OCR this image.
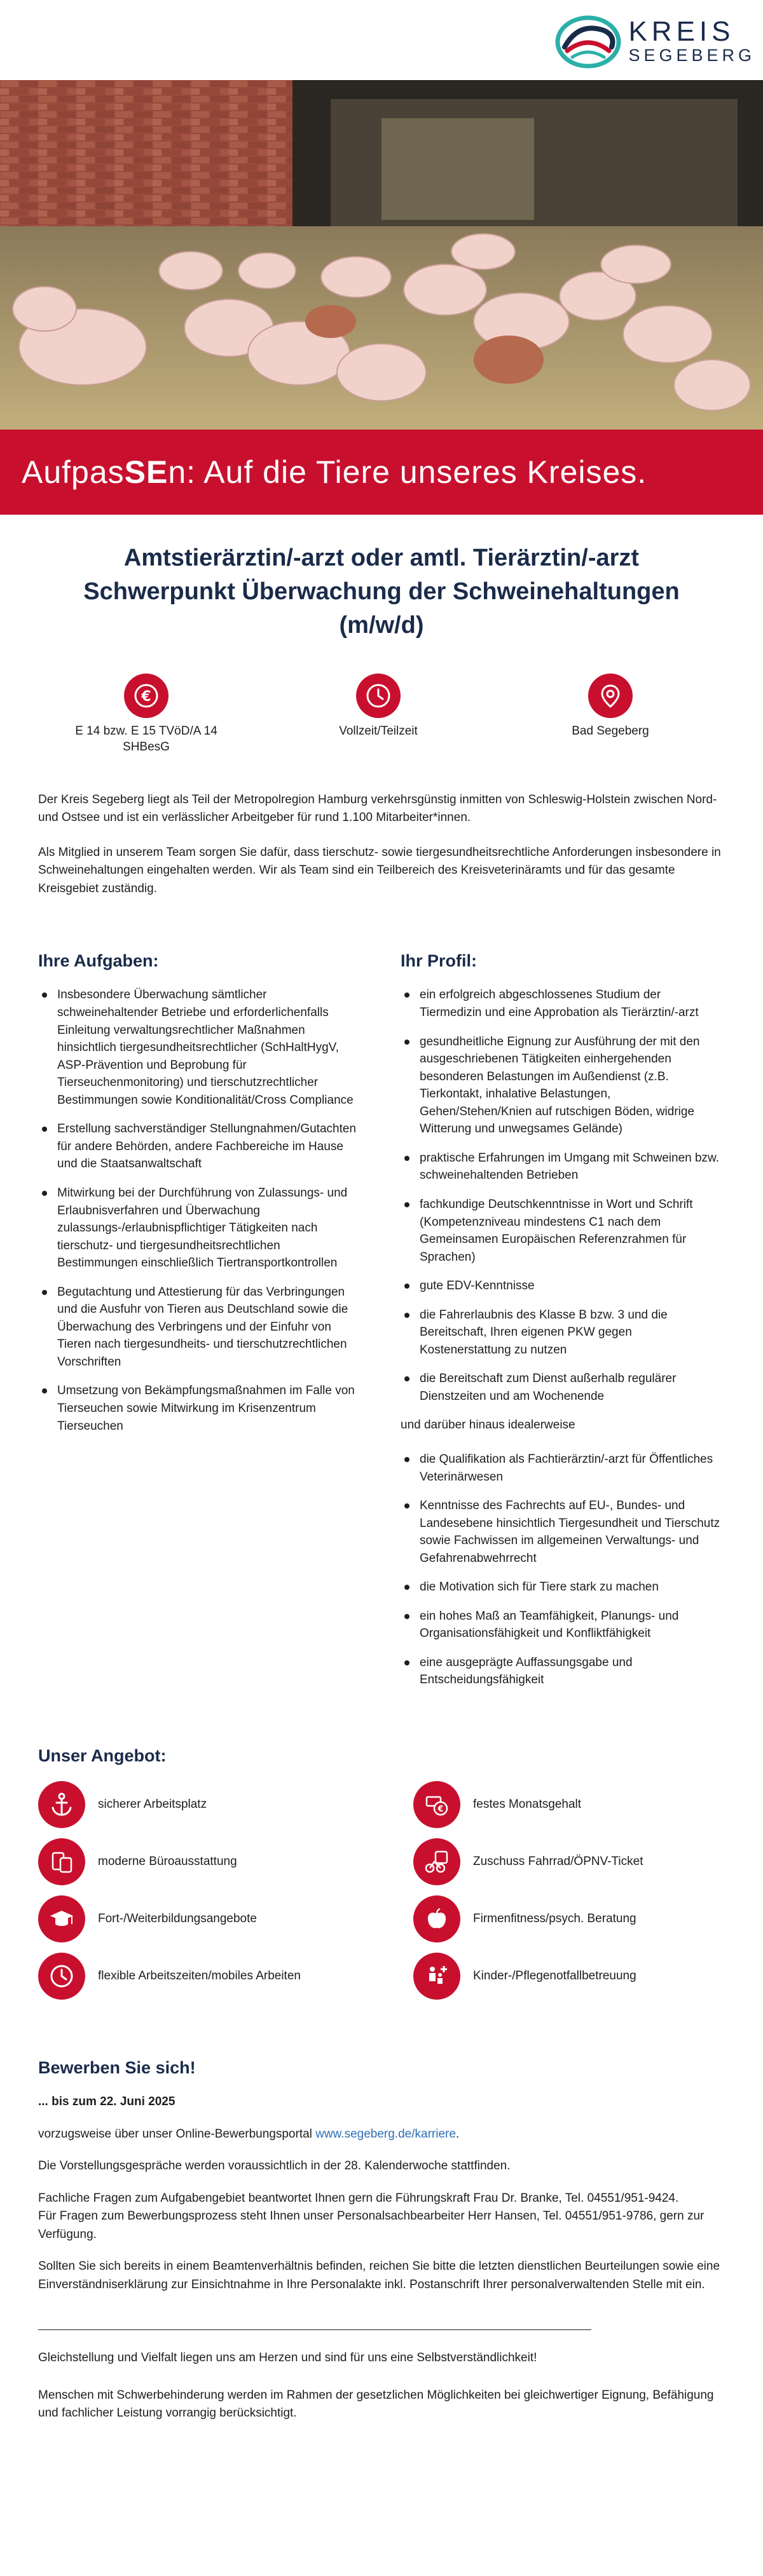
KREIS
SEGEBERG
AufpasSEn: Auf die Tiere unseres Kreises.
Amtstierärztin/-arzt oder amtl. Tierärztin/-arzt
Schwerpunkt Überwachung der Schweinehaltungen
(m/w/d)
€
E 14 bzw. E 15 TVöD/A 14 SHBesG
Vollzeit/Teilzeit	Bad Segeberg

Der Kreis Segeberg liegt als Teil der Metropolregion Hamburg verkehrsgünstig inmitten von Schleswig-Holstein zwischen Nord- und Ostsee und ist ein verlässlicher Arbeitgeber für rund 1.100 Mitarbeiter*innen.

Als Mitglied in unserem Team sorgen Sie dafür, dass tierschutz- sowie tiergesundheitsrechtliche Anforderungen insbesondere in Schweinehaltungen eingehalten werden. Wir als Team sind ein Teilbereich des Kreisveterinäramts und für das gesamte Kreisgebiet zuständig.

Ihre Aufgaben:
Insbesondere Überwachung sämtlicher schweinehaltender Betriebe und erforderlichenfalls Einleitung verwaltungsrechtlicher Maßnahmen hinsichtlich tiergesundheitsrechtlicher (SchHaltHygV, ASP-Prävention und Beprobung für Tierseuchenmonitoring) und tierschutzrechtlicher Bestimmungen sowie Konditionalität/Cross Compliance
Erstellung sachverständiger Stellungnahmen/Gutachten für andere Behörden, andere Fachbereiche im Hause und die Staatsanwaltschaft
Mitwirkung bei der Durchführung von Zulassungs- und Erlaubnisverfahren und Überwachung zulassungs-/erlaubnispflichtiger Tätigkeiten nach tierschutz- und tiergesundheitsrechtlichen Bestimmungen einschließlich Tiertransportkontrollen
Begutachtung und Attestierung für das Verbringungen und die Ausfuhr von Tieren aus Deutschland sowie die Überwachung des Verbringens und der Einfuhr von Tieren nach tiergesundheits- und tierschutzrechtlichen Vorschriften
Umsetzung von Bekämpfungsmaßnahmen im Falle von Tierseuchen sowie Mitwirkung im Krisenzentrum Tierseuchen
Ihr Profil:
ein erfolgreich abgeschlossenes Studium der Tiermedizin und eine Approbation als Tierärztin/-arzt
gesundheitliche Eignung zur Ausführung der mit den ausgeschriebenen Tätigkeiten einhergehenden besonderen Belastungen im Außendienst (z.B. Tierkontakt, inhalative Belastungen, Gehen/Stehen/Knien auf rutschigen Böden, widrige Witterung und unwegsames Gelände)
praktische Erfahrungen im Umgang mit Schweinen bzw. schweinehaltenden Betrieben
fachkundige Deutschkenntnisse in Wort und Schrift (Kompetenzniveau mindestens C1 nach dem Gemeinsamen Europäischen Referenzrahmen für Sprachen)
gute EDV-Kenntnisse
die Fahrerlaubnis des Klasse B bzw. 3 und die Bereitschaft, Ihren eigenen PKW gegen Kostenerstattung zu nutzen
die Bereitschaft zum Dienst außerhalb regulärer Dienstzeiten und am Wochenende
und darüber hinaus idealerweise
die Qualifikation als Fachtierärztin/-arzt für Öffentliches Veterinärwesen
Kenntnisse des Fachrechts auf EU-, Bundes- und Landesebene hinsichtlich Tiergesundheit und Tierschutz sowie Fachwissen im allgemeinen Verwaltungs- und Gefahrenabwehrrecht
die Motivation sich für Tiere stark zu machen
ein hohes Maß an Teamfähigkeit, Planungs- und Organisationsfähigkeit und Konfliktfähigkeit
eine ausgeprägte Auffassungsgabe und Entscheidungsfähigkeit
Unser Angebot:
sicherer Arbeitsplatz	€ festes Monatsgehalt
moderne Büroausstattung	Zuschuss Fahrrad/ÖPNV-Ticket
Fort-/Weiterbildungsangebote	Firmenfitness/psych. Beratung
flexible Arbeitszeiten/mobiles Arbeiten	Kinder-/Pflegenotfallbetreuung
Bewerben Sie sich!

... bis zum 22. Juni 2025

vorzugsweise über unser Online-Bewerbungsportal www.segeberg.de/karriere.

Die Vorstellungsgespräche werden voraussichtlich in der 28. Kalenderwoche stattfinden.

Fachliche Fragen zum Aufgabengebiet beantwortet Ihnen gern die Führungskraft Frau Dr. Branke, Tel. 04551/951-9424.
Für Fragen zum Bewerbungsprozess steht Ihnen unser Personalsachbearbeiter Herr Hansen, Tel. 04551/951-9786, gern zur Verfügung.

Sollten Sie sich bereits in einem Beamtenverhältnis befinden, reichen Sie bitte die letzten dienstlichen Beurteilungen sowie eine Einverständniserklärung zur Einsichtnahme in Ihre Personalakte inkl. Postanschrift Ihrer personalverwaltenden Stelle mit ein.

Gleichstellung und Vielfalt liegen uns am Herzen und sind für uns eine Selbstverständlichkeit!

Menschen mit Schwerbehinderung werden im Rahmen der gesetzlichen Möglichkeiten bei gleichwertiger Eignung, Befähigung und fachlicher Leistung vorrangig berücksichtigt.
